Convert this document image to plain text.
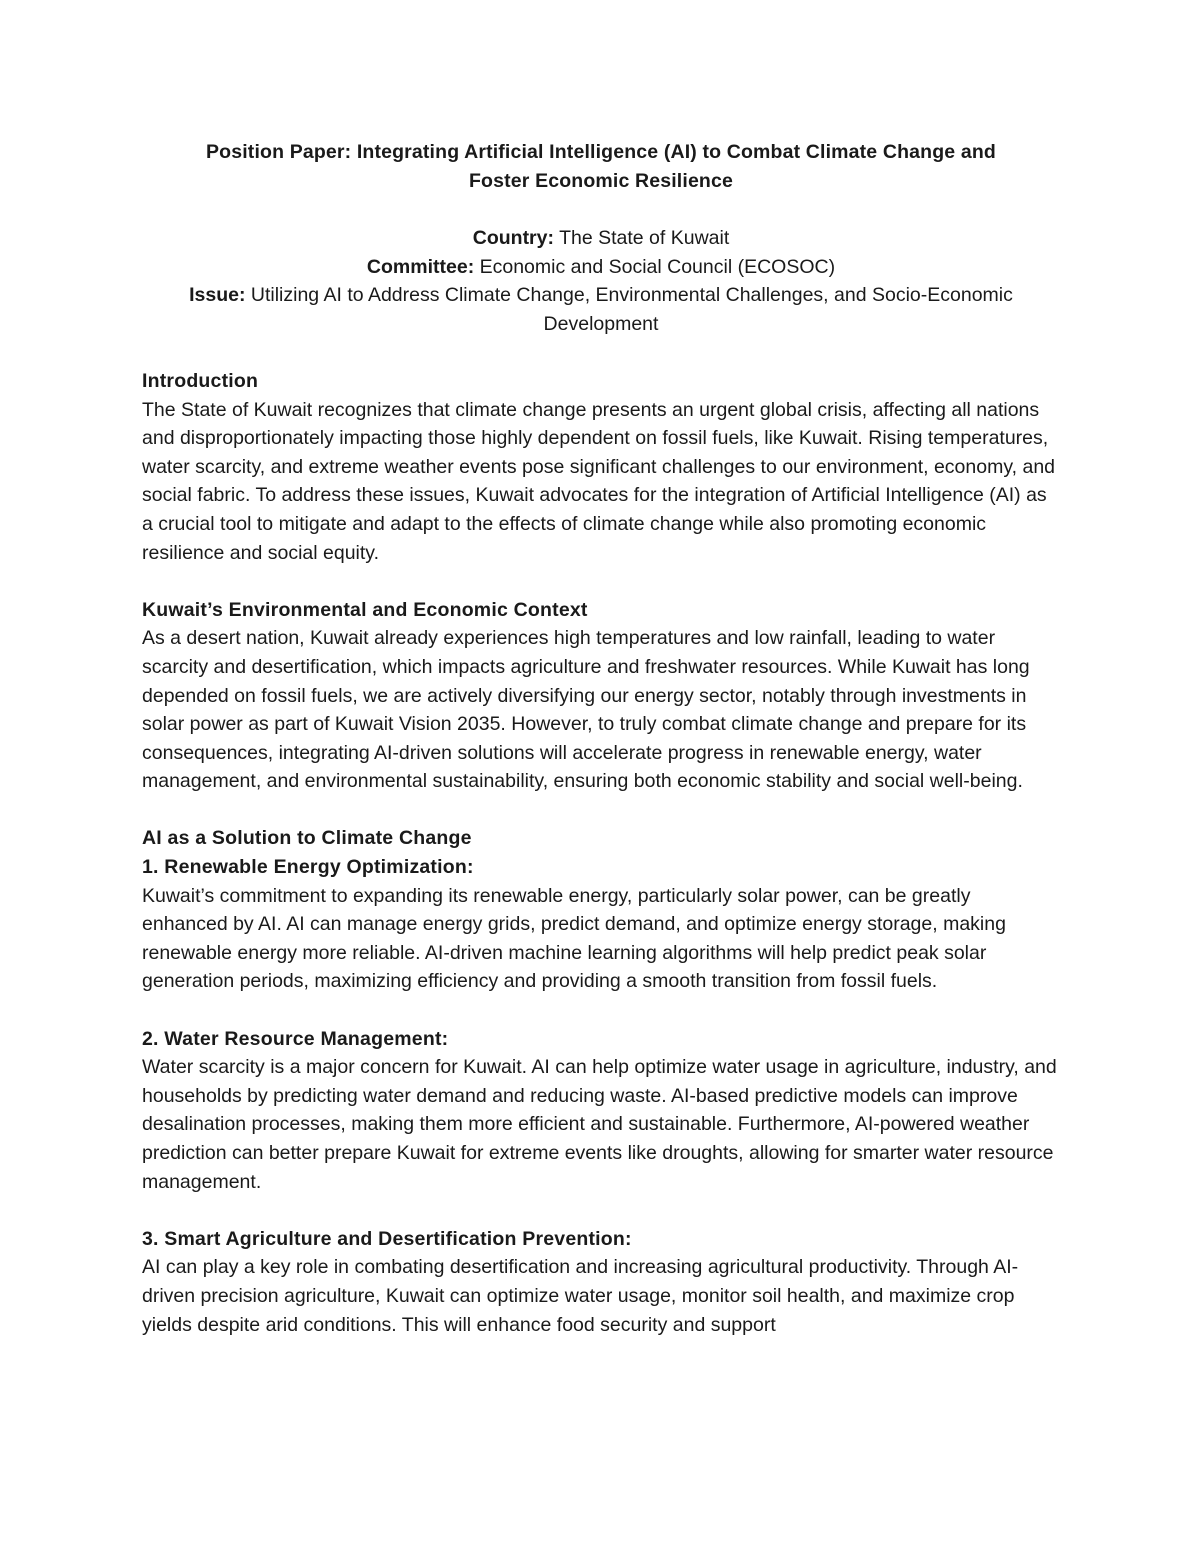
Position Paper: Integrating Artificial Intelligence (AI) to Combat Climate Change and

Foster Economic Resilience

Country: The State of Kuwait

Committee: Economic and Social Council (ECOSOC)

Issue: Utilizing AI to Address Climate Change, Environmental Challenges, and Socio-Economic Development

Introduction

The State of Kuwait recognizes that climate change presents an urgent global crisis, affecting all nations and disproportionately impacting those highly dependent on fossil fuels, like Kuwait. Rising temperatures, water scarcity, and extreme weather events pose significant challenges to our environment, economy, and social fabric. To address these issues, Kuwait advocates for the integration of Artificial Intelligence (AI) as a crucial tool to mitigate and adapt to the effects of climate change while also promoting economic resilience and social equity.

Kuwait’s Environmental and Economic Context

As a desert nation, Kuwait already experiences high temperatures and low rainfall, leading to water scarcity and desertification, which impacts agriculture and freshwater resources. While Kuwait has long depended on fossil fuels, we are actively diversifying our energy sector, notably through investments in solar power as part of Kuwait Vision 2035. However, to truly combat climate change and prepare for its consequences, integrating AI-driven solutions will accelerate progress in renewable energy, water management, and environmental sustainability, ensuring both economic stability and social well-being.

AI as a Solution to Climate Change

1. Renewable Energy Optimization:

Kuwait’s commitment to expanding its renewable energy, particularly solar power, can be greatly enhanced by AI. AI can manage energy grids, predict demand, and optimize energy storage, making renewable energy more reliable. AI-driven machine learning algorithms will help predict peak solar generation periods, maximizing efficiency and providing a smooth transition from fossil fuels.

2. Water Resource Management:

Water scarcity is a major concern for Kuwait. AI can help optimize water usage in agriculture, industry, and households by predicting water demand and reducing waste. AI-based predictive models can improve desalination processes, making them more efficient and sustainable. Furthermore, AI-powered weather prediction can better prepare Kuwait for extreme events like droughts, allowing for smarter water resource management.

3. Smart Agriculture and Desertification Prevention:

AI can play a key role in combating desertification and increasing agricultural productivity. Through AI-driven precision agriculture, Kuwait can optimize water usage, monitor soil health, and maximize crop yields despite arid conditions. This will enhance food security and support
